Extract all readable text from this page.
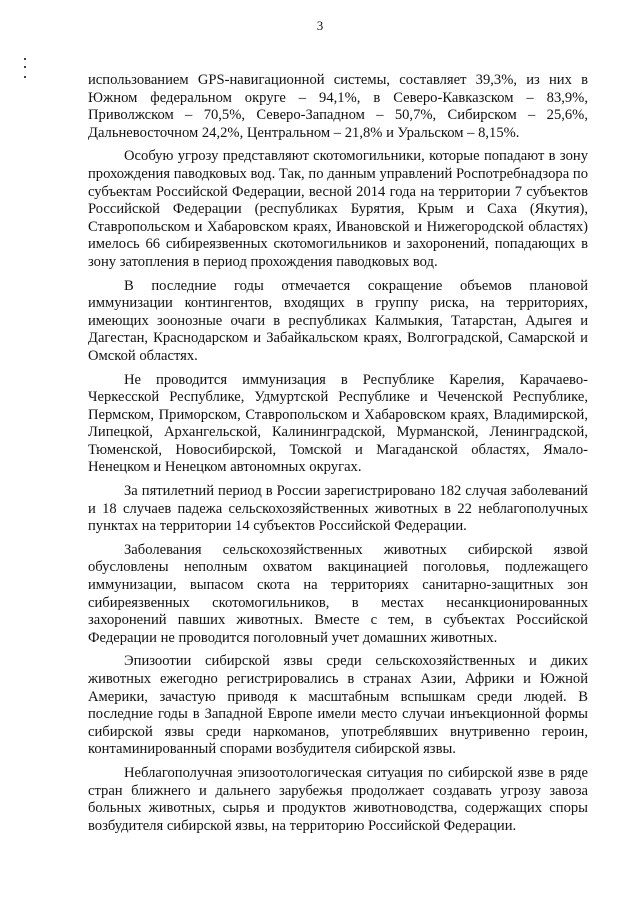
3

использованием GPS-навигационной системы, составляет 39,3%, из них в Южном федеральном округе – 94,1%, в Северо-Кавказском – 83,9%, Приволжском – 70,5%, Северо-Западном – 50,7%, Сибирском – 25,6%, Дальневосточном 24,2%, Центральном – 21,8% и Уральском – 8,15%.

Особую угрозу представляют скотомогильники, которые попадают в зону прохождения паводковых вод. Так, по данным управлений Роспотребнадзора по субъектам Российской Федерации, весной 2014 года на территории 7 субъектов Российской Федерации (республиках Бурятия, Крым и Саха (Якутия), Ставропольском и Хабаровском краях, Ивановской и Нижегородской областях) имелось 66 сибиреязвенных скотомогильников и захоронений, попадающих в зону затопления в период прохождения паводковых вод.

В последние годы отмечается сокращение объемов плановой иммунизации контингентов, входящих в группу риска, на территориях, имеющих зоонозные очаги в республиках Калмыкия, Татарстан, Адыгея и Дагестан, Краснодарском и Забайкальском краях, Волгоградской, Самарской и Омской областях.

Не проводится иммунизация в Республике Карелия, Карачаево-Черкесской Республике, Удмуртской Республике и Чеченской Республике, Пермском, Приморском, Ставропольском и Хабаровском краях, Владимирской, Липецкой, Архангельской, Калининградской, Мурманской, Ленинградской, Тюменской, Новосибирской, Томской и Магаданской областях, Ямало-Ненецком и Ненецком автономных округах.

За пятилетний период в России зарегистрировано 182 случая заболеваний и 18 случаев падежа сельскохозяйственных животных в 22 неблагополучных пунктах на территории 14 субъектов Российской Федерации.

Заболевания сельскохозяйственных животных сибирской язвой обусловлены неполным охватом вакцинацией поголовья, подлежащего иммунизации, выпасом скота на территориях санитарно-защитных зон сибиреязвенных скотомогильников, в местах несанкционированных захоронений павших животных. Вместе с тем, в субъектах Российской Федерации не проводится поголовный учет домашних животных.

Эпизоотии сибирской язвы среди сельскохозяйственных и диких животных ежегодно регистрировались в странах Азии, Африки и Южной Америки, зачастую приводя к масштабным вспышкам среди людей. В последние годы в Западной Европе имели место случаи инъекционной формы сибирской язвы среди наркоманов, употреблявших внутривенно героин, контаминированный спорами возбудителя сибирской язвы.

Неблагополучная эпизоотологическая ситуация по сибирской язве в ряде стран ближнего и дальнего зарубежья продолжает создавать угрозу завоза больных животных, сырья и продуктов животноводства, содержащих споры возбудителя сибирской язвы, на территорию Российской Федерации.
